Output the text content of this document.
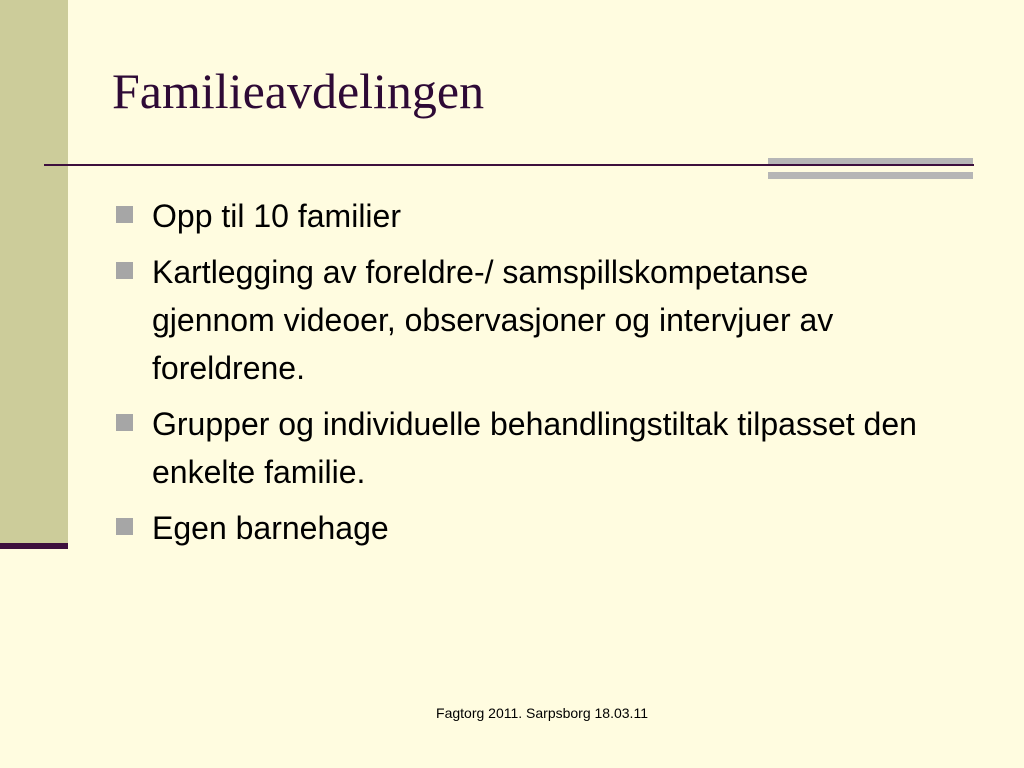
Familieavdelingen
Opp til 10 familier
Kartlegging av foreldre-/ samspillskompetanse gjennom videoer, observasjoner og intervjuer av foreldrene.
Grupper og individuelle behandlingstiltak tilpasset den enkelte familie.
Egen barnehage
Fagtorg 2011. Sarpsborg 18.03.11
